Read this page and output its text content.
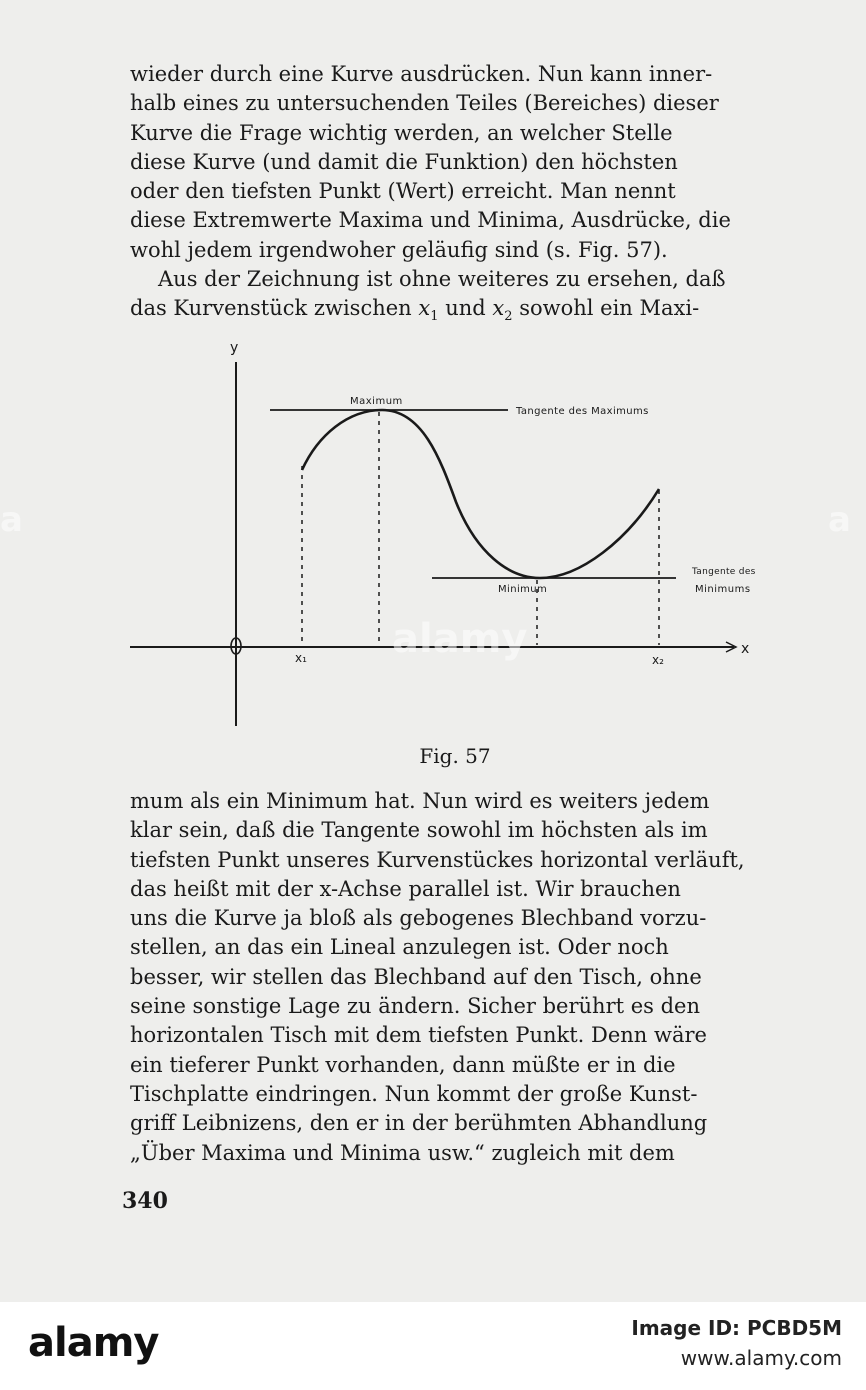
wieder durch eine Kurve ausdrücken. Nun kann inner-
halb eines zu untersuchenden Teiles (Bereiches) dieser
Kurve die Frage wichtig werden, an welcher Stelle
diese Kurve (und damit die Funktion) den höchsten
oder den tiefsten Punkt (Wert) erreicht. Man nennt
diese Extremwerte Maxima und Minima, Ausdrücke, die
wohl jedem irgendwoher geläufig sind (s. Fig. 57).
Aus der Zeichnung ist ohne weiteres zu ersehen, daß
das Kurvenstück zwischen $x_1$ und $x_2$ sowohl ein Maxi-
y
x
Maximum
Tangente des Maximums
Minimum
Tangente des
Minimums
x₁	x₂
Fig. 57
mum als ein Minimum hat. Nun wird es weiters jedem
klar sein, daß die Tangente sowohl im höchsten als im
tiefsten Punkt unseres Kurvenstückes horizontal verläuft,
das heißt mit der x-Achse parallel ist. Wir brauchen
uns die Kurve ja bloß als gebogenes Blechband vorzu-
stellen, an das ein Lineal anzulegen ist. Oder noch
besser, wir stellen das Blechband auf den Tisch, ohne
seine sonstige Lage zu ändern. Sicher berührt es den
horizontalen Tisch mit dem tiefsten Punkt. Denn wäre
ein tieferer Punkt vorhanden, dann müßte er in die
Tischplatte eindringen. Nun kommt der große Kunst-
griff Leibnizens, den er in der berühmten Abhandlung
„Über Maxima und Minima usw.“ zugleich mit dem
340
alamy
a	a
alamy	Image ID: PCBD5M
www.alamy.com
